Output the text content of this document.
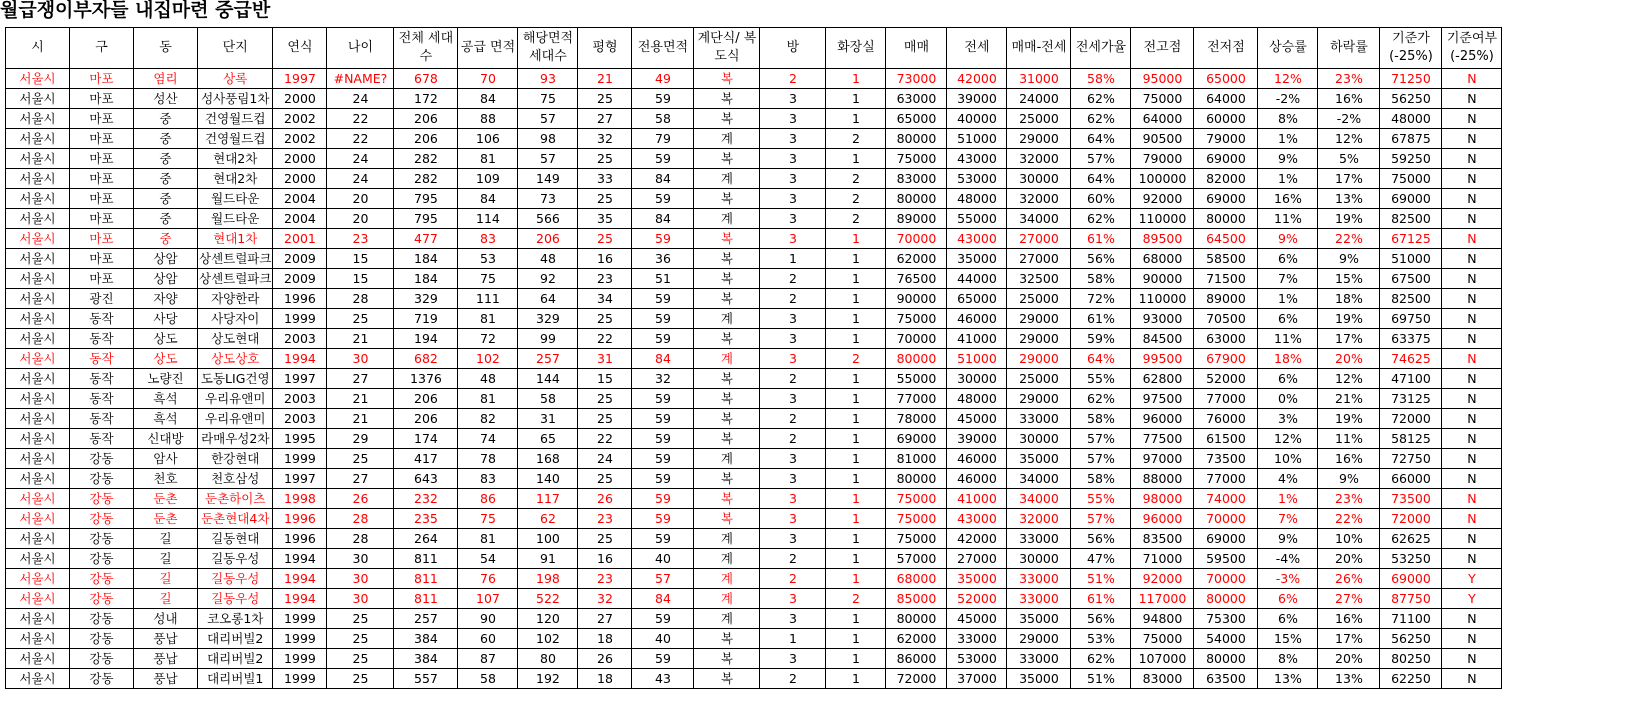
월급쟁이부자들 내집마련 중급반
시	구	동	단지	연식	나이	전체 세대수	공급 면적	해당면적 세대수	평형	전용면적	계단식/ 복도식	방	화장실	매매	전세	매매-전세	전세가율	전고점	전저점	상승률	하락률	기준가 (-25%)	기준여부 (-25%)
서울시	마포	염리	상록	1997	#NAME?	678	70	93	21	49	복	2	1	73000	42000	31000	58%	95000	65000	12%	23%	71250	N
서울시	마포	성산	성사풍림1차	2000	24	172	84	75	25	59	복	3	1	63000	39000	24000	62%	75000	64000	-2%	16%	56250	N
서울시	마포	중	건영월드컵	2002	22	206	88	57	27	58	복	3	1	65000	40000	25000	62%	64000	60000	8%	-2%	48000	N
서울시	마포	중	건영월드컵	2002	22	206	106	98	32	79	계	3	2	80000	51000	29000	64%	90500	79000	1%	12%	67875	N
서울시	마포	중	현대2차	2000	24	282	81	57	25	59	복	3	1	75000	43000	32000	57%	79000	69000	9%	5%	59250	N
서울시	마포	중	현대2차	2000	24	282	109	149	33	84	계	3	2	83000	53000	30000	64%	100000	82000	1%	17%	75000	N
서울시	마포	중	월드타운	2004	20	795	84	73	25	59	복	3	2	80000	48000	32000	60%	92000	69000	16%	13%	69000	N
서울시	마포	중	월드타운	2004	20	795	114	566	35	84	계	3	2	89000	55000	34000	62%	110000	80000	11%	19%	82500	N
서울시	마포	중	현대1차	2001	23	477	83	206	25	59	복	3	1	70000	43000	27000	61%	89500	64500	9%	22%	67125	N
서울시	마포	상암	상센트럴파크	2009	15	184	53	48	16	36	복	1	1	62000	35000	27000	56%	68000	58500	6%	9%	51000	N
서울시	마포	상암	상센트럴파크	2009	15	184	75	92	23	51	복	2	1	76500	44000	32500	58%	90000	71500	7%	15%	67500	N
서울시	광진	자양	자양한라	1996	28	329	111	64	34	59	복	2	1	90000	65000	25000	72%	110000	89000	1%	18%	82500	N
서울시	동작	사당	사당자이	1999	25	719	81	329	25	59	계	3	1	75000	46000	29000	61%	93000	70500	6%	19%	69750	N
서울시	동작	상도	상도현대	2003	21	194	72	99	22	59	복	3	1	70000	41000	29000	59%	84500	63000	11%	17%	63375	N
서울시	동작	상도	상도상호	1994	30	682	102	257	31	84	계	3	2	80000	51000	29000	64%	99500	67900	18%	20%	74625	N
서울시	동작	노량진	도동LIG건영	1997	27	1376	48	144	15	32	복	2	1	55000	30000	25000	55%	62800	52000	6%	12%	47100	N
서울시	동작	흑석	우리유앤미	2003	21	206	81	58	25	59	복	3	1	77000	48000	29000	62%	97500	77000	0%	21%	73125	N
서울시	동작	흑석	우리유앤미	2003	21	206	82	31	25	59	복	2	1	78000	45000	33000	58%	96000	76000	3%	19%	72000	N
서울시	동작	신대방	라매우성2차	1995	29	174	74	65	22	59	복	2	1	69000	39000	30000	57%	77500	61500	12%	11%	58125	N
서울시	강동	암사	한강현대	1999	25	417	78	168	24	59	계	3	1	81000	46000	35000	57%	97000	73500	10%	16%	72750	N
서울시	강동	천호	천호삼성	1997	27	643	83	140	25	59	복	3	1	80000	46000	34000	58%	88000	77000	4%	9%	66000	N
서울시	강동	둔촌	둔촌하이츠	1998	26	232	86	117	26	59	복	3	1	75000	41000	34000	55%	98000	74000	1%	23%	73500	N
서울시	강동	둔촌	둔촌현대4차	1996	28	235	75	62	23	59	복	3	1	75000	43000	32000	57%	96000	70000	7%	22%	72000	N
서울시	강동	길	길동현대	1996	28	264	81	100	25	59	계	3	1	75000	42000	33000	56%	83500	69000	9%	10%	62625	N
서울시	강동	길	길동우성	1994	30	811	54	91	16	40	계	2	1	57000	27000	30000	47%	71000	59500	-4%	20%	53250	N
서울시	강동	길	길동우성	1994	30	811	76	198	23	57	계	2	1	68000	35000	33000	51%	92000	70000	-3%	26%	69000	Y
서울시	강동	길	길동우성	1994	30	811	107	522	32	84	계	3	2	85000	52000	33000	61%	117000	80000	6%	27%	87750	Y
서울시	강동	성내	코오롱1차	1999	25	257	90	120	27	59	계	3	1	80000	45000	35000	56%	94800	75300	6%	16%	71100	N
서울시	강동	풍납	대리버빌2	1999	25	384	60	102	18	40	복	1	1	62000	33000	29000	53%	75000	54000	15%	17%	56250	N
서울시	강동	풍납	대리버빌2	1999	25	384	87	80	26	59	복	3	1	86000	53000	33000	62%	107000	80000	8%	20%	80250	N
서울시	강동	풍납	대리버빌1	1999	25	557	58	192	18	43	복	2	1	72000	37000	35000	51%	83000	63500	13%	13%	62250	N
